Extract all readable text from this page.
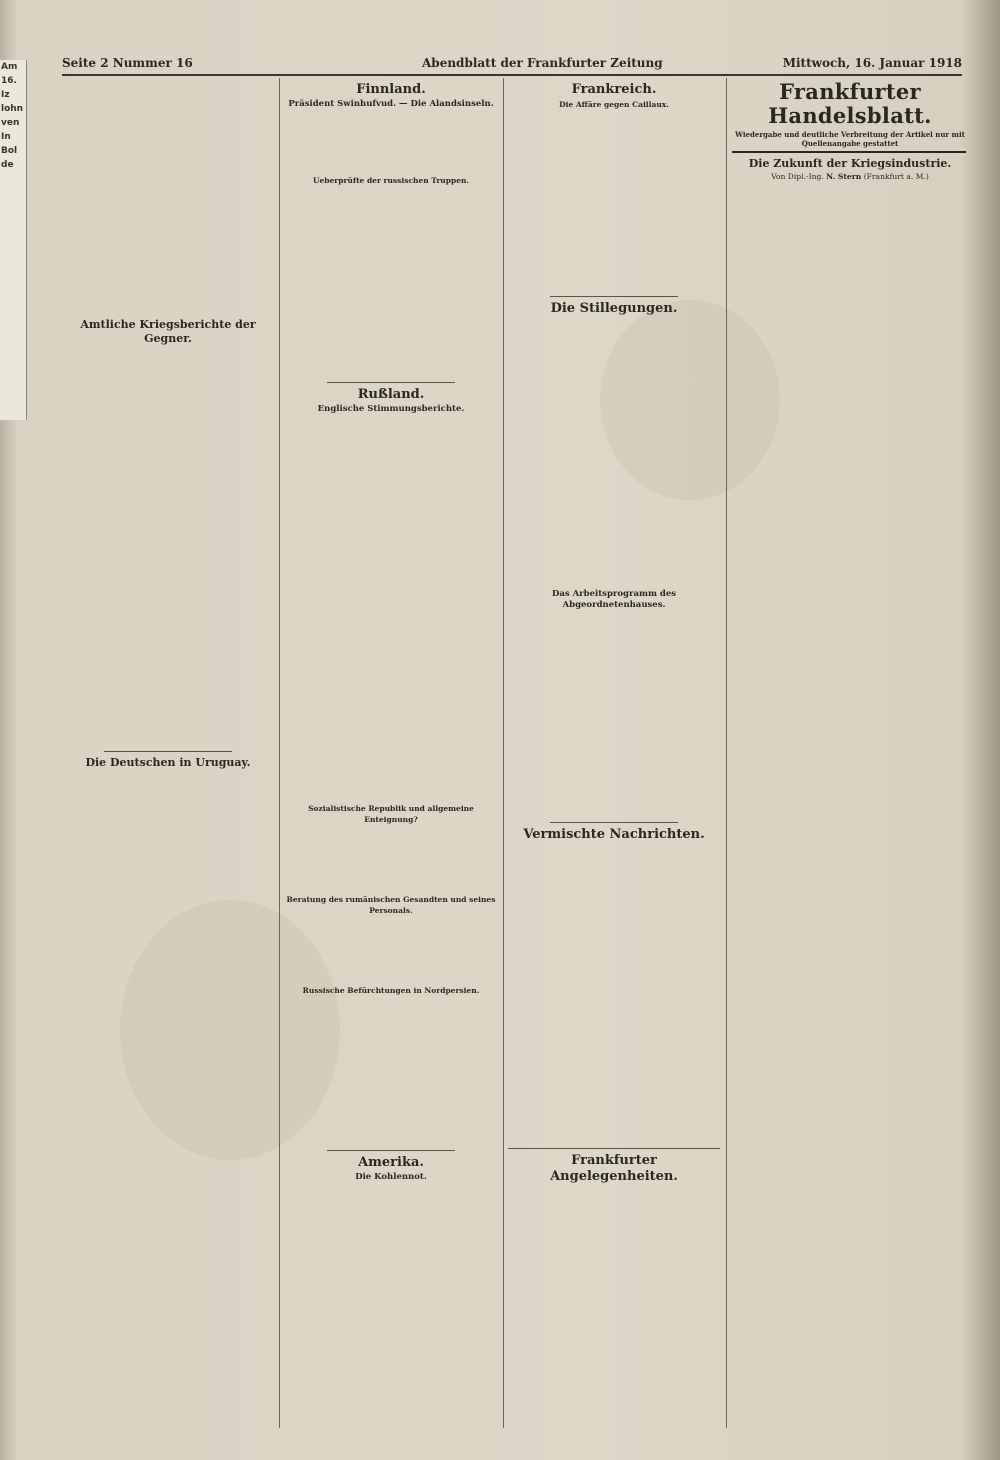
Am
16.
Iz
lohn
ven
In
Bol
de
Seite 2 Nummer 16	Abendblatt der Frankfurter Zeitung	Mittwoch, 16. Januar 1918
Amtliche Kriegsberichte der Gegner.
Die Deutschen in Uruguay.
Finnland.
Präsident Swinhufvud. — Die Alandsinseln.
Ueberprüfte der russischen Truppen.
Rußland.
Englische Stimmungsberichte.
Sozialistische Republik und allgemeine Enteignung?
Beratung des rumänischen Gesandten und seines Personals.
Russische Befürchtungen in Nordpersien.
Amerika.
Die Kohlennot.
Frankreich.
Die Affäre gegen Caillaux.
Die Stillegungen.
Das Arbeitsprogramm des Abgeordnetenhauses.
Vermischte Nachrichten.
Frankfurter Angelegenheiten.
Frankfurter Handelsblatt.
Wiedergabe und deutliche Verbreitung der Artikel nur mit Quellenangabe gestattet
Die Zukunft der Kriegsindustrie.
Von Dipl.-Ing. N. Stern (Frankfurt a. M.)
